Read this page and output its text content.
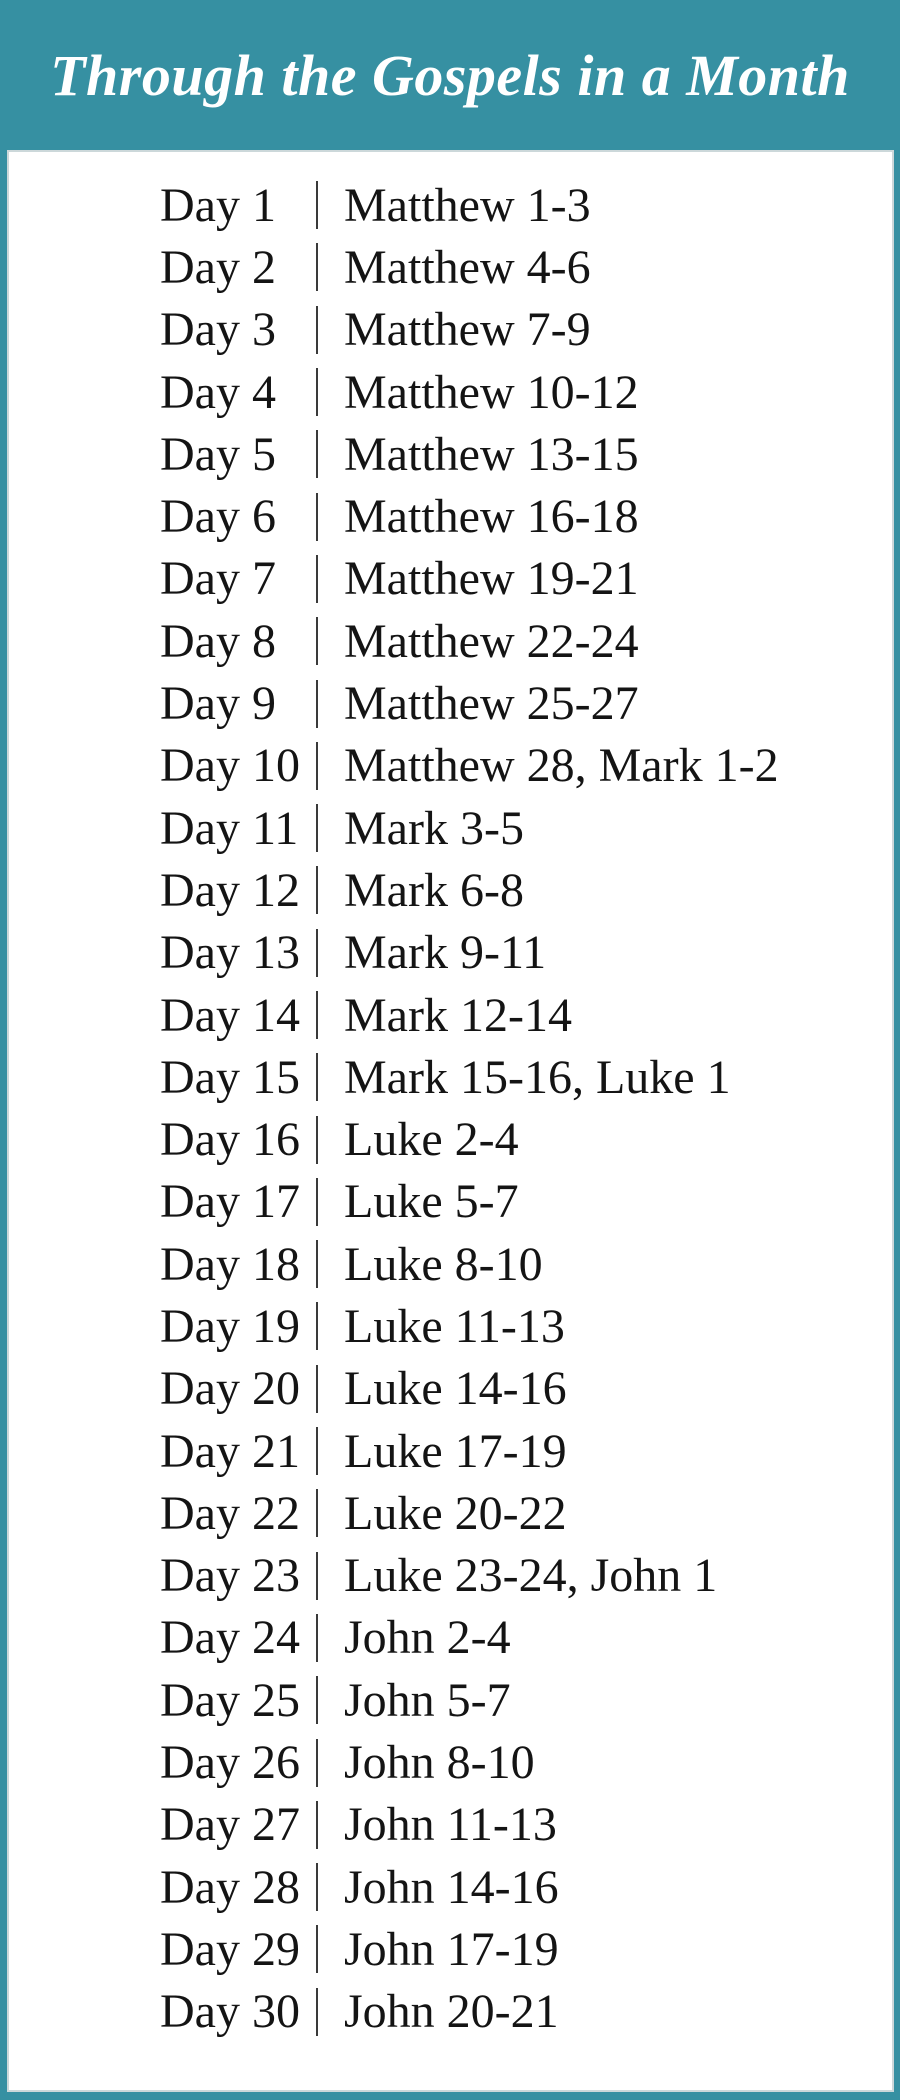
Through the Gospels in a Month
Day 1	Matthew 1-3
Day 2	Matthew 4-6
Day 3	Matthew 7-9
Day 4	Matthew 10-12
Day 5	Matthew 13-15
Day 6	Matthew 16-18
Day 7	Matthew 19-21
Day 8	Matthew 22-24
Day 9	Matthew 25-27
Day 10 Matthew 28, Mark 1-2
Day 11 Mark 3-5
Day 12 Mark 6-8
Day 13 Mark 9-11
Day 14 Mark 12-14
Day 15 Mark 15-16, Luke 1
Day 16 Luke 2-4
Day 17 Luke 5-7
Day 18 Luke 8-10
Day 19 Luke 11-13
Day 20 Luke 14-16
Day 21 Luke 17-19
Day 22 Luke 20-22
Day 23 Luke 23-24, John 1
Day 24 John 2-4
Day 25 John 5-7
Day 26 John 8-10
Day 27 John 11-13
Day 28 John 14-16
Day 29 John 17-19
Day 30 John 20-21
